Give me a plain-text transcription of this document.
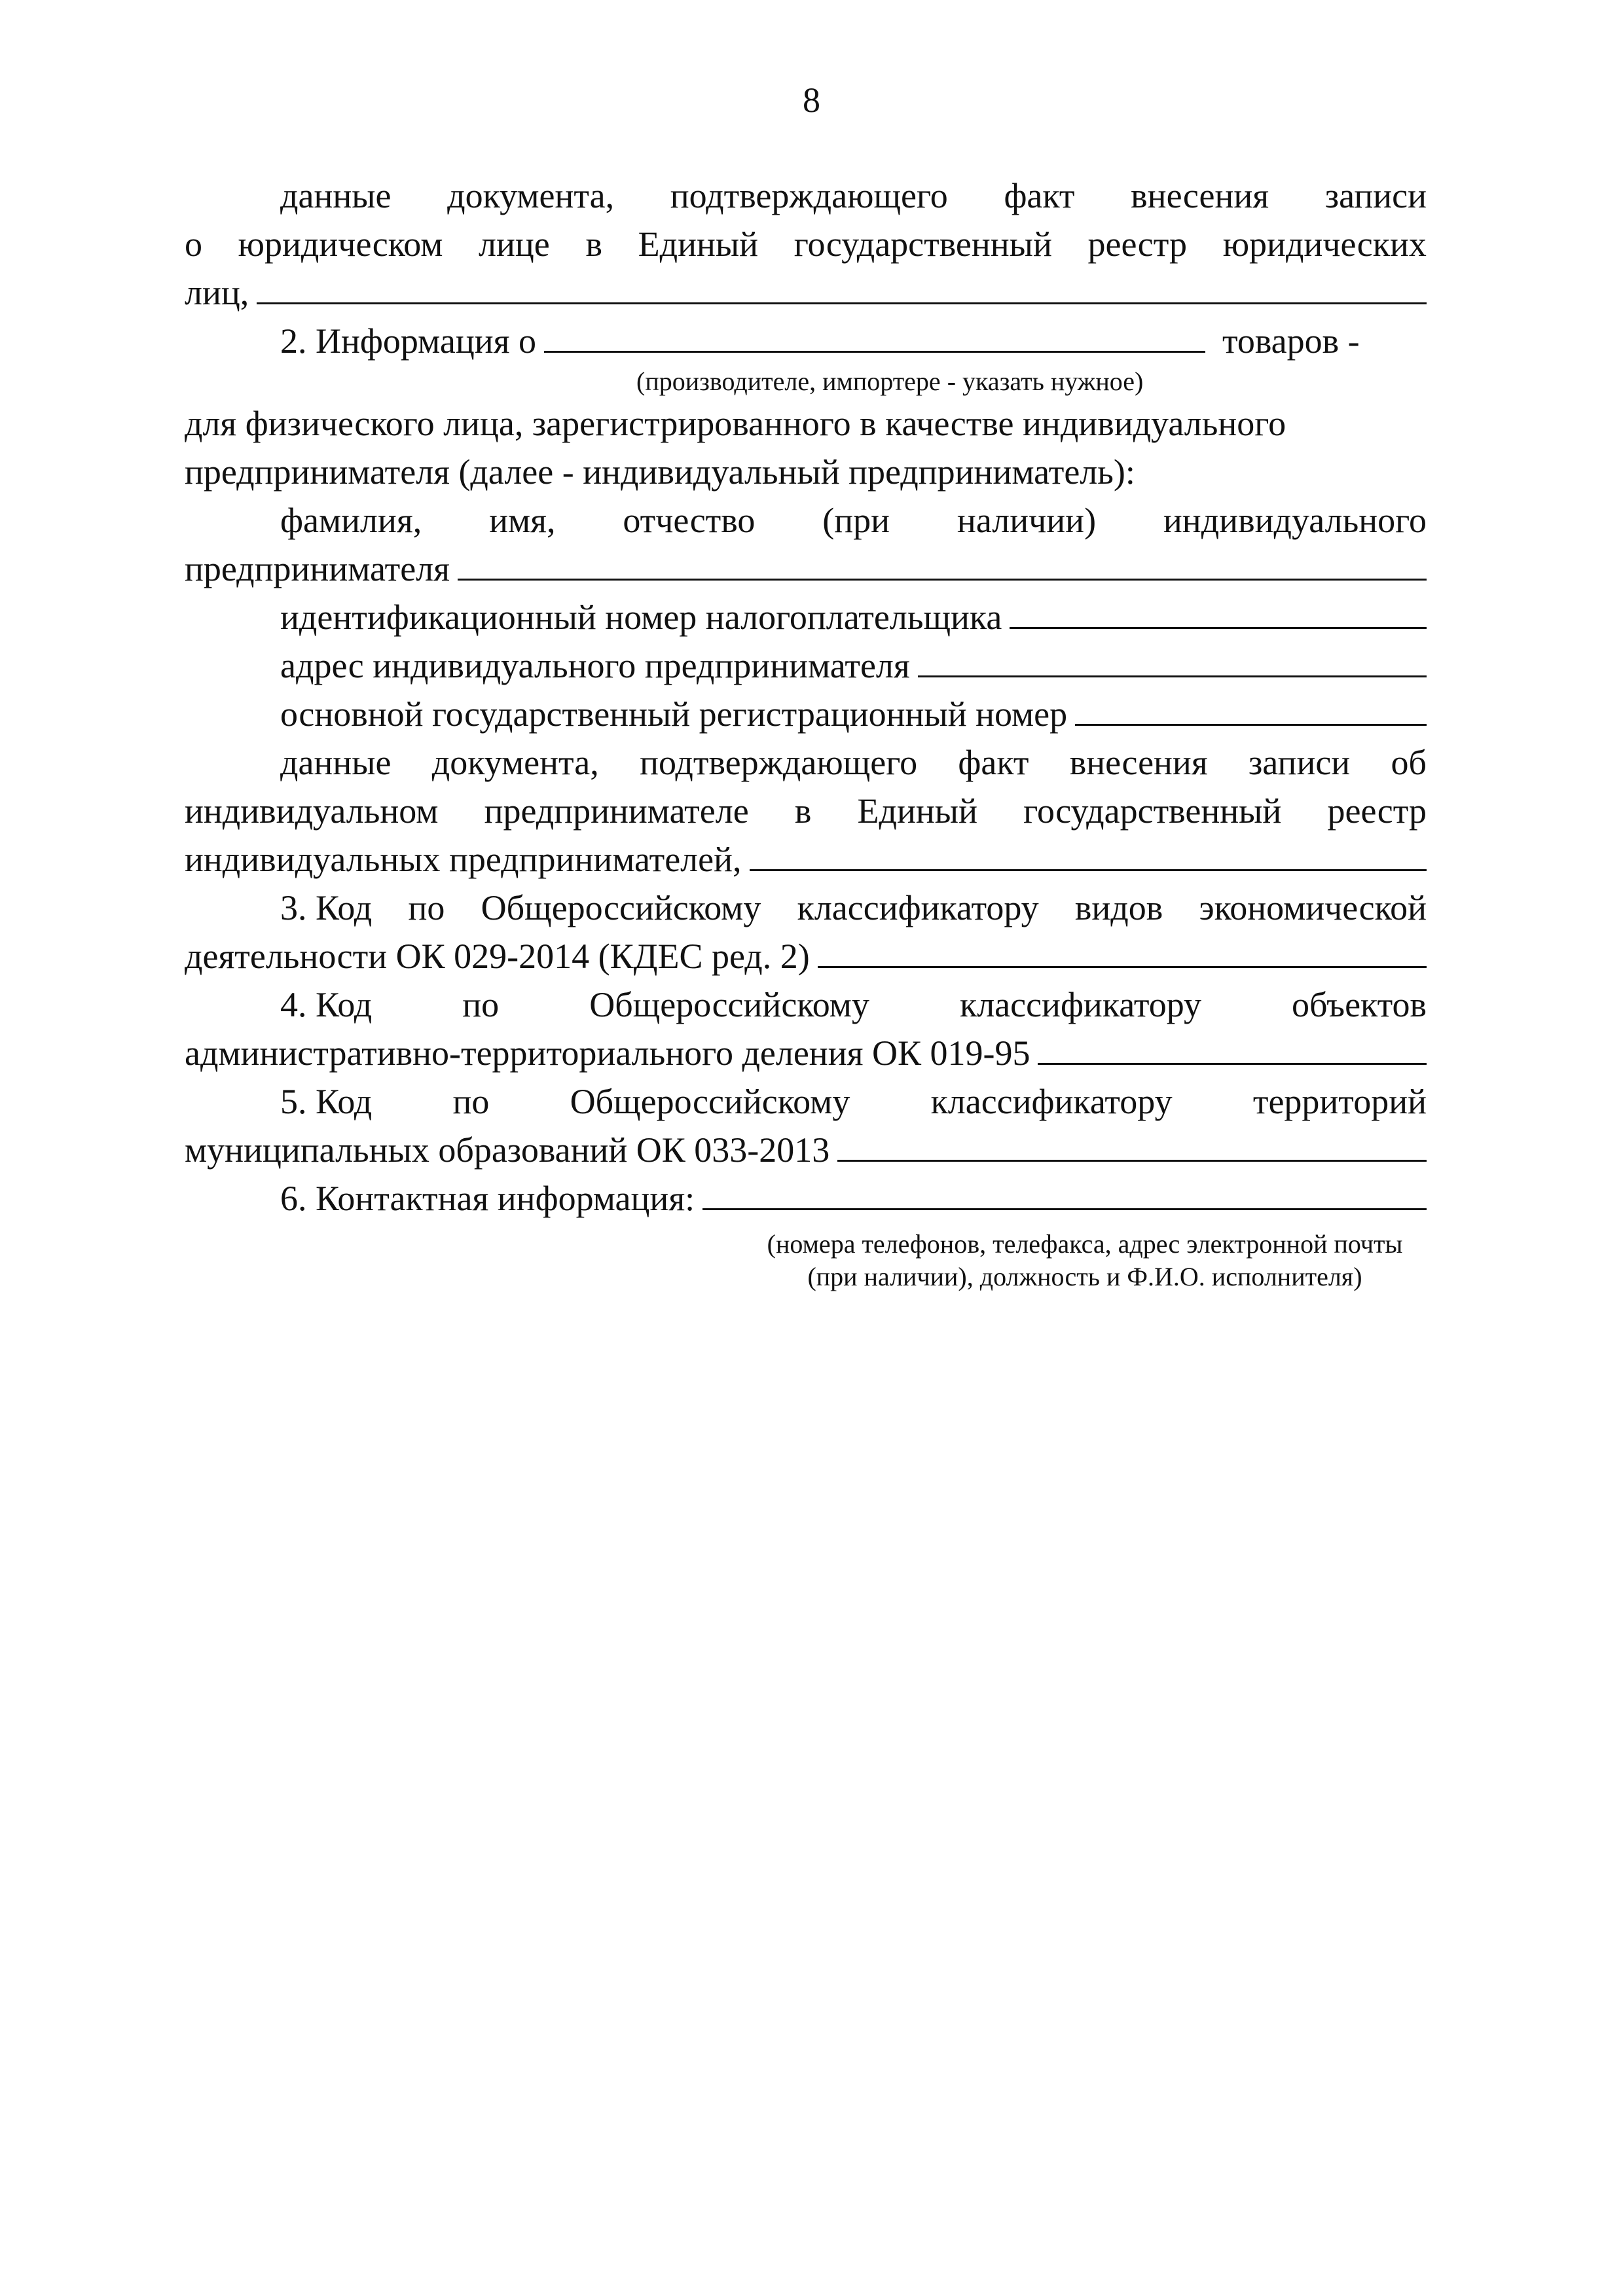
8
данные документа, подтверждающего факт внесения записи
о юридическом лице в Единый государственный реестр юридических
лиц,
2. Информация о	товаров -
(производителе, импортере - указать нужное)
для физического лица, зарегистрированного в качестве индивидуального
предпринимателя (далее - индивидуальный предприниматель):
фамилия, имя, отчество (при наличии) индивидуального
предпринимателя
идентификационный номер налогоплательщика
адрес индивидуального предпринимателя
основной государственный регистрационный номер
данные документа, подтверждающего факт внесения записи об
индивидуальном предпринимателе в Единый государственный реестр
индивидуальных предпринимателей,
3. Код по Общероссийскому классификатору видов экономической
деятельности ОК 029-2014 (КДЕС ред. 2)
4. Код	по	Общероссийскому	классификатору	объектов
административно-территориального деления ОК 019-95
5. Код по Общероссийскому классификатору территорий
муниципальных образований ОК 033-2013
6. Контактная информация:
(номера телефонов, телефакса, адрес электронной почты
(при наличии), должность и Ф.И.О. исполнителя)
